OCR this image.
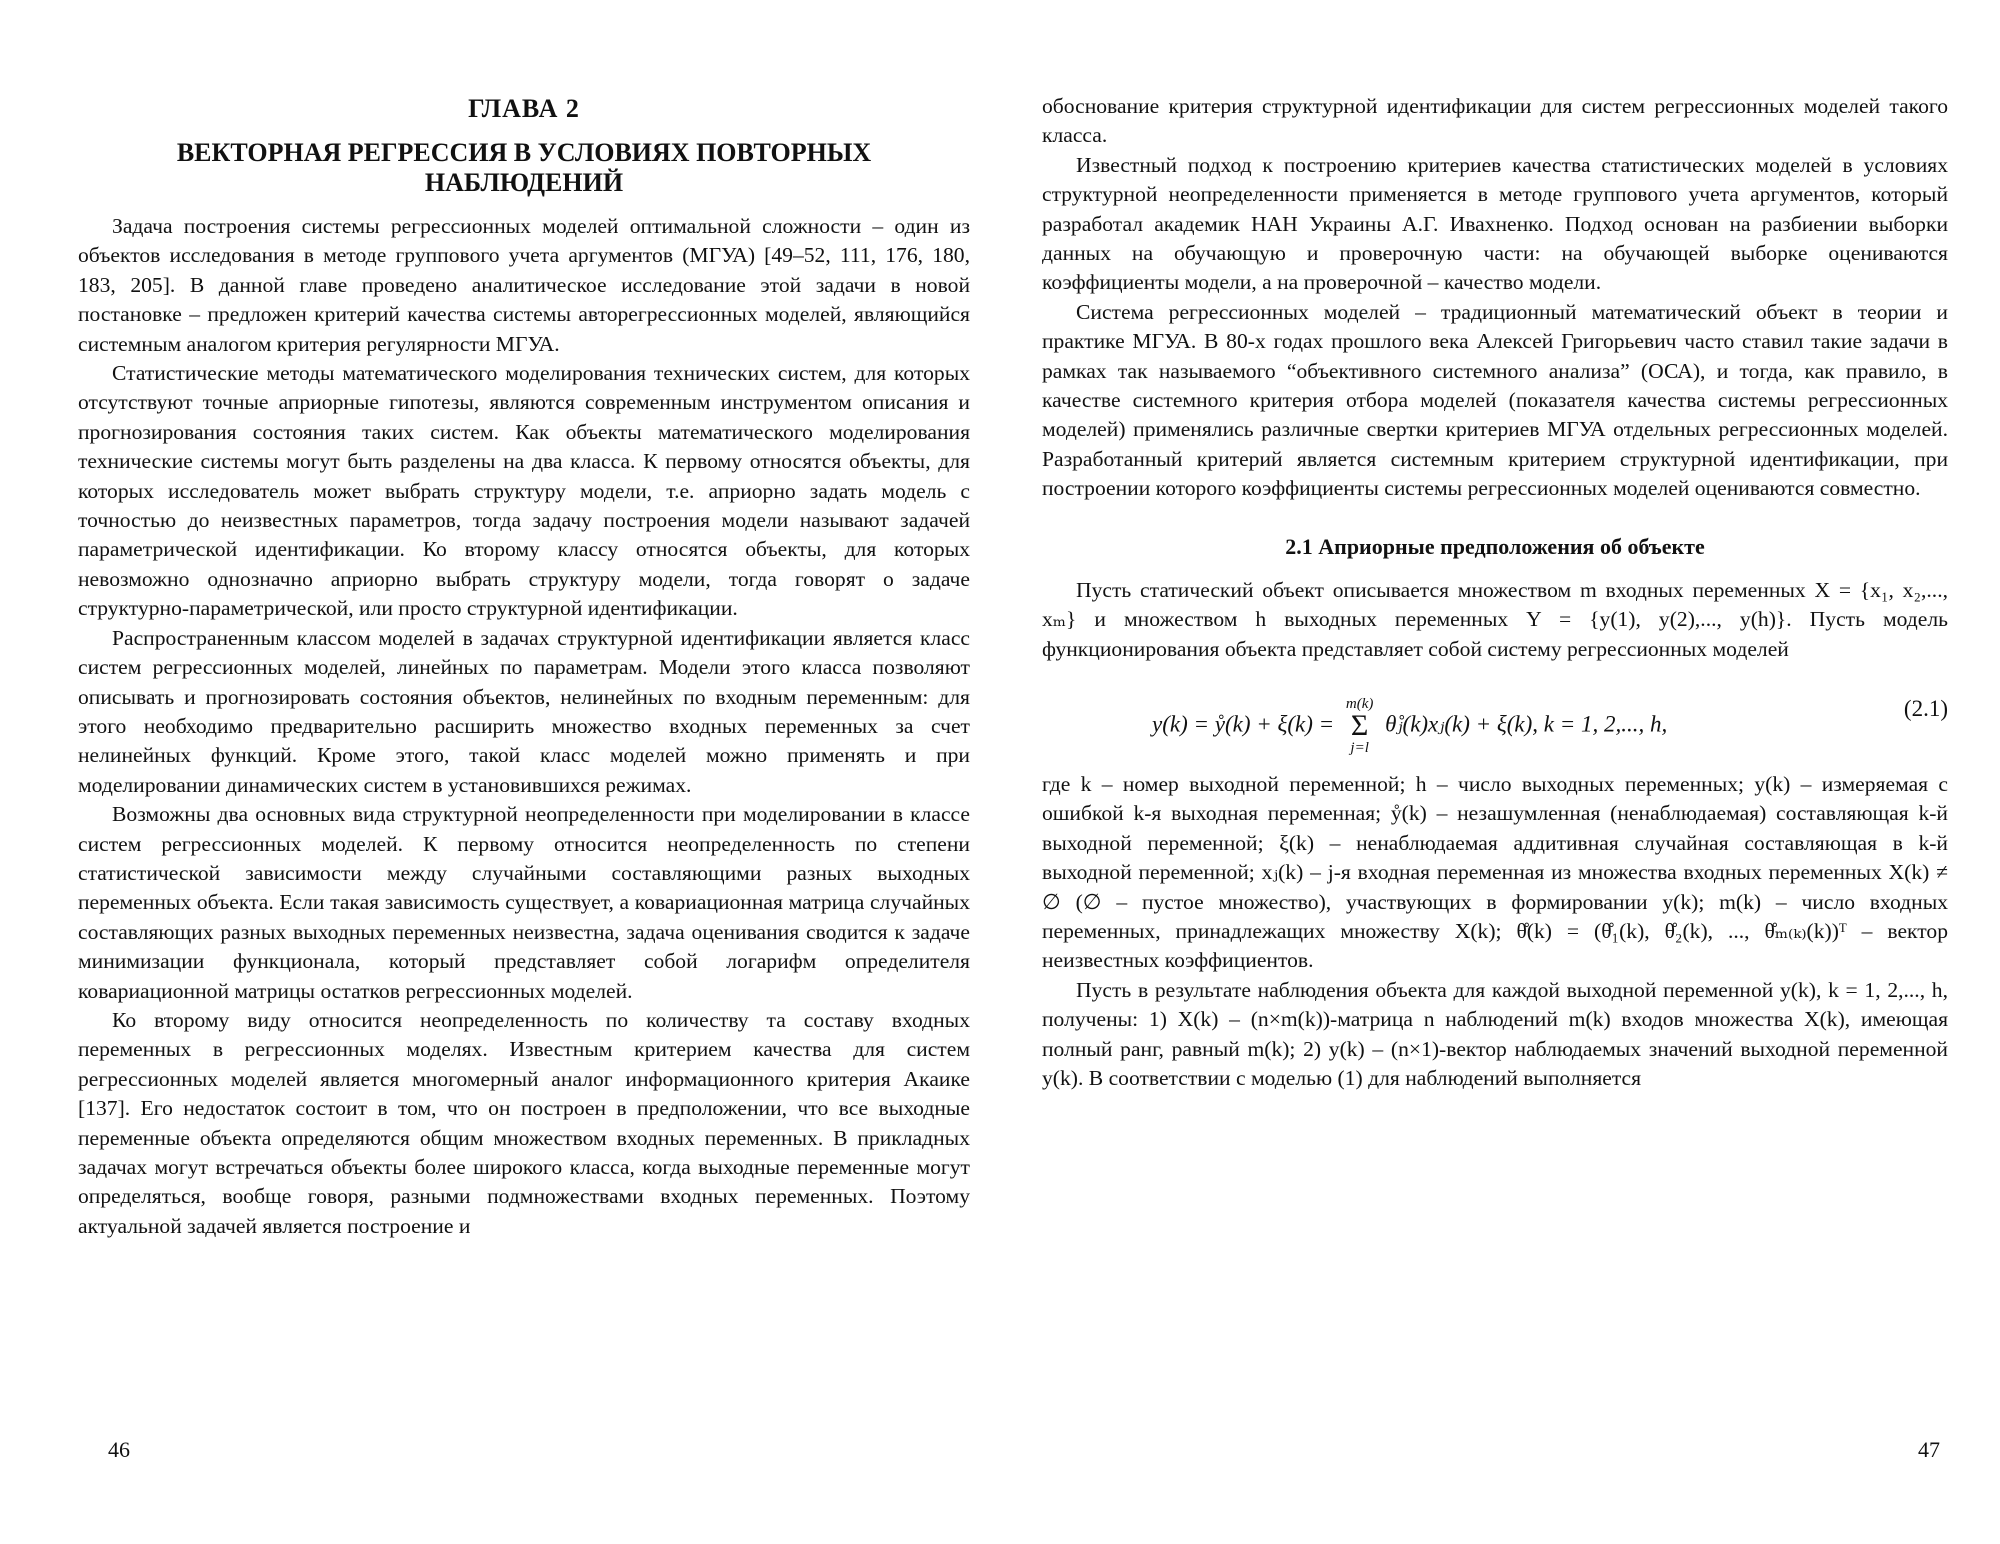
ГЛАВА 2
ВЕКТОРНАЯ РЕГРЕССИЯ В УСЛОВИЯХ ПОВТОРНЫХ НАБЛЮДЕНИЙ

Задача построения системы регрессионных моделей оптимальной сложности – один из объектов исследования в методе группового учета аргументов (МГУА) [49–52, 111, 176, 180, 183, 205]. В данной главе проведено аналитическое исследование этой задачи в новой постановке – предложен критерий качества системы авторегрессионных моделей, являющийся системным аналогом критерия регулярности МГУА.

Статистические методы математического моделирования технических систем, для которых отсутствуют точные априорные гипотезы, являются современным инструментом описания и прогнозирования состояния таких систем. Как объекты математического моделирования технические системы могут быть разделены на два класса. К первому относятся объекты, для которых исследователь может выбрать структуру модели, т.е. априорно задать модель с точностью до неизвестных параметров, тогда задачу построения модели называют задачей параметрической идентификации. Ко второму классу относятся объекты, для которых невозможно однозначно априорно выбрать структуру модели, тогда говорят о задаче структурно-параметрической, или просто структурной идентификации.

Распространенным классом моделей в задачах структурной идентификации является класс систем регрессионных моделей, линейных по параметрам. Модели этого класса позволяют описывать и прогнозировать состояния объектов, нелинейных по входным переменным: для этого необходимо предварительно расширить множество входных переменных за счет нелинейных функций. Кроме этого, такой класс моделей можно применять и при моделировании динамических систем в установившихся режимах.

Возможны два основных вида структурной неопределенности при моделировании в классе систем регрессионных моделей. К первому относится неопределенность по степени статистической зависимости между случайными составляющими разных выходных переменных объекта. Если такая зависимость существует, а ковариационная матрица случайных составляющих разных выходных переменных неизвестна, задача оценивания сводится к задаче минимизации функционала, который представляет собой логарифм определителя ковариационной матрицы остатков регрессионных моделей.

Ко второму виду относится неопределенность по количеству та составу входных переменных в регрессионных моделях. Известным критерием качества для систем регрессионных моделей является многомерный аналог информационного критерия Акаике [137]. Его недостаток состоит в том, что он построен в предположении, что все выходные переменные объекта определяются общим множеством входных переменных. В прикладных задачах могут встречаться объекты более широкого класса, когда выходные переменные могут определяться, вообще говоря, разными подмножествами входных переменных. Поэтому актуальной задачей является построение и

46

обоснование критерия структурной идентификации для систем регрессионных моделей такого класса.

Известный подход к построению критериев качества статистических моделей в условиях структурной неопределенности применяется в методе группового учета аргументов, который разработал академик НАН Украины А.Г. Ивахненко. Подход основан на разбиении выборки данных на обучающую и проверочную части: на обучающей выборке оцениваются коэффициенты модели, а на проверочной – качество модели.

Система регрессионных моделей – традиционный математический объект в теории и практике МГУА. В 80-х годах прошлого века Алексей Григорьевич часто ставил такие задачи в рамках так называемого “объективного системного анализа” (ОСА), и тогда, как правило, в качестве системного критерия отбора моделей (показателя качества системы регрессионных моделей) применялись различные свертки критериев МГУА отдельных регрессионных моделей. Разработанный критерий является системным критерием структурной идентификации, при построении которого коэффициенты системы регрессионных моделей оцениваются совместно.

2.1 Априорные предположения об объекте

Пусть статический объект описывается множеством m входных переменных X = {x₁, x₂,..., xₘ} и множеством h выходных переменных Y = {y(1), y(2),..., y(h)}. Пусть модель функционирования объекта представляет собой систему регрессионных моделей

y(k) = ẙ(k) + ξ(k) =
m(k)
Σ
j=l
θ̊ⱼ(k)xⱼ(k) + ξ(k), k = 1, 2,..., h,
(2.1)

где k – номер выходной переменной; h – число выходных переменных; y(k) – измеряемая с ошибкой k-я выходная переменная; ẙ(k) – незашумленная (ненаблюдаемая) составляющая k-й выходной переменной; ξ(k) – ненаблюдаемая аддитивная случайная составляющая в k-й выходной переменной; xⱼ(k) – j-я входная переменная из множества входных переменных X(k) ≠ ∅ (∅ – пустое множество), участвующих в формировании y(k); m(k) – число входных переменных, принадлежащих множеству X(k); θ̊(k) = (θ̊₁(k), θ̊₂(k), ..., θ̊ₘ₍ₖ₎(k))ᵀ – вектор неизвестных коэффициентов.

Пусть в результате наблюдения объекта для каждой выходной переменной y(k), k = 1, 2,..., h, получены: 1) X(k) – (n×m(k))-матрица n наблюдений m(k) входов множества X(k), имеющая полный ранг, равный m(k); 2) y(k) – (n×1)-вектор наблюдаемых значений выходной переменной y(k). В соответствии с моделью (1) для наблюдений выполняется

47
